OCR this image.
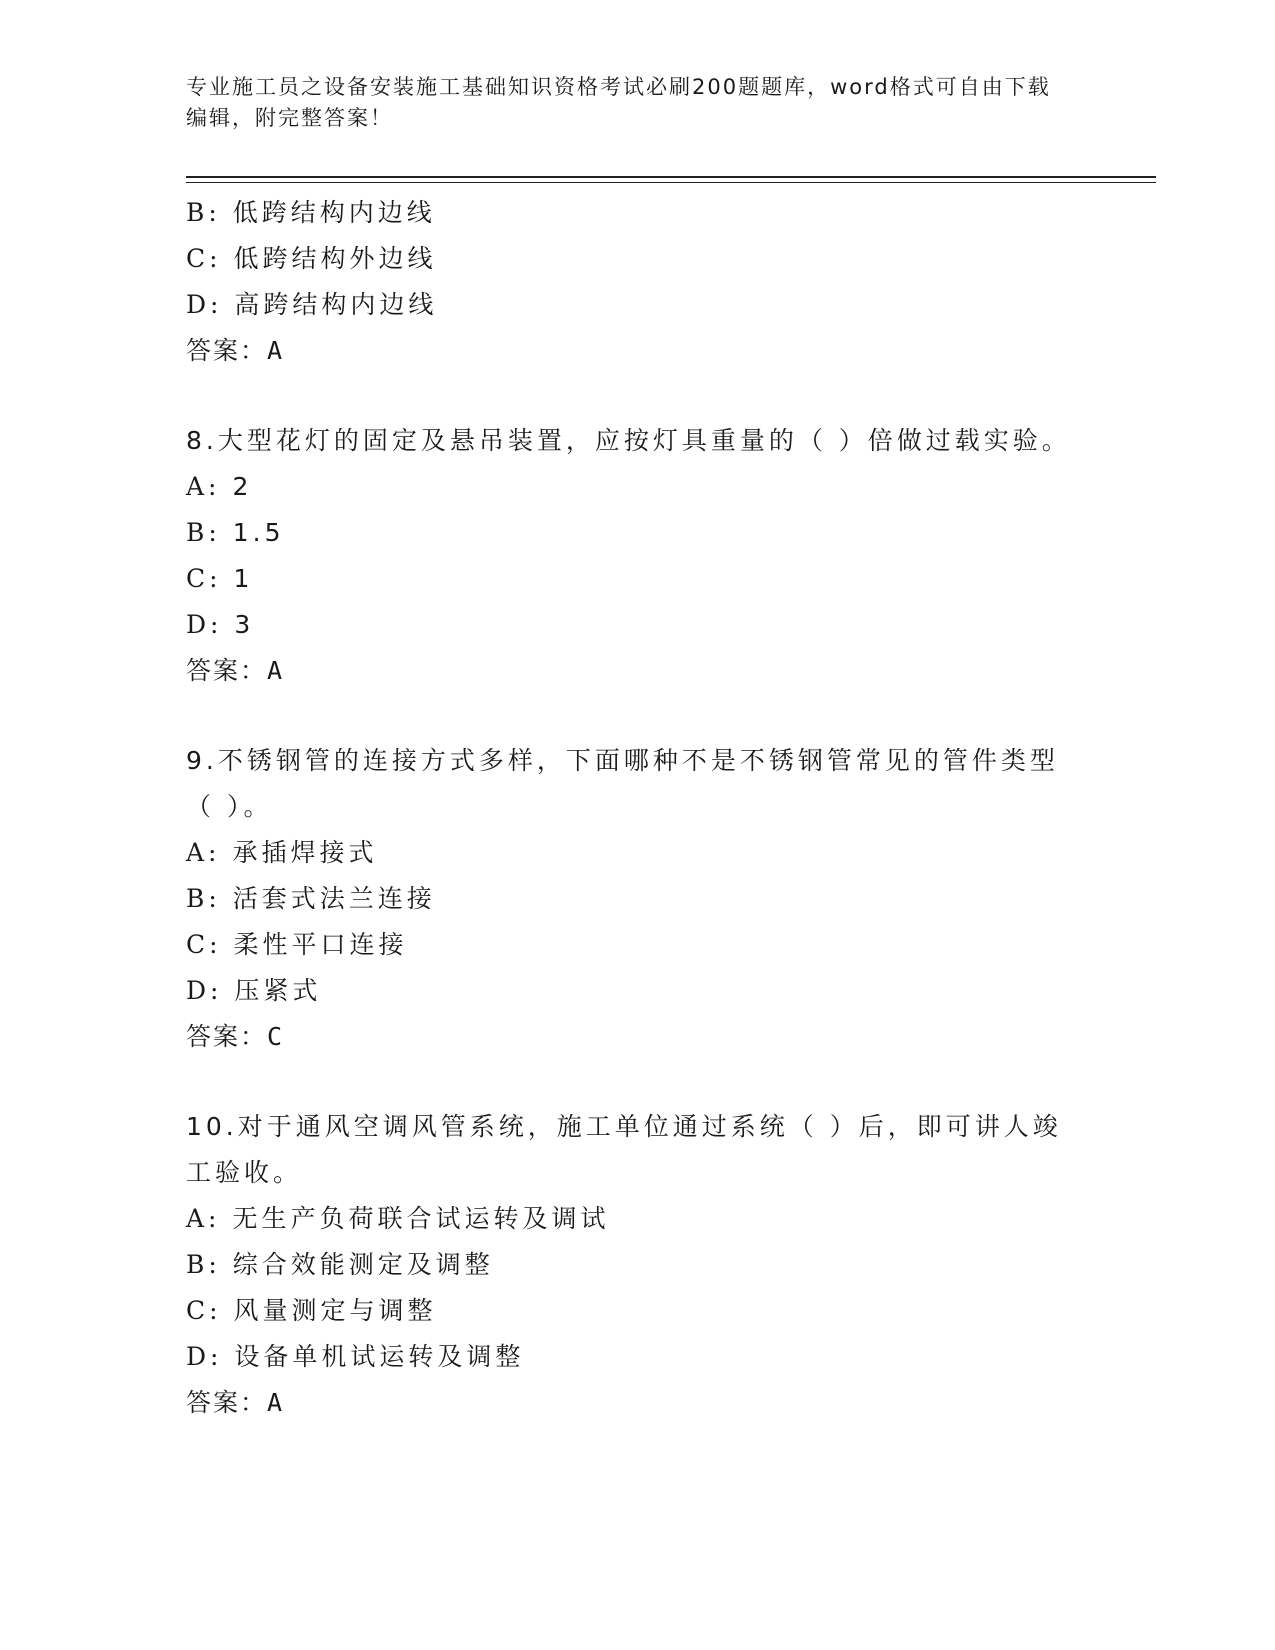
专业施工员之设备安装施工基础知识资格考试必刷200题题库，word格式可自由下载编辑，附完整答案！
B: 低跨结构内边线
C: 低跨结构外边线
D: 高跨结构内边线
答案：A
8.大型花灯的固定及悬吊装置，应按灯具重量的（ ）倍做过载实验。
A: 2
B: 1.5
C: 1
D: 3
答案：A
9.不锈钢管的连接方式多样，下面哪种不是不锈钢管常见的管件类型（ ）。
A: 承插焊接式
B: 活套式法兰连接
C: 柔性平口连接
D: 压紧式
答案：C
10.对于通风空调风管系统，施工单位通过系统（ ）后，即可讲人竣工验收。
A: 无生产负荷联合试运转及调试
B: 综合效能测定及调整
C: 风量测定与调整
D: 设备单机试运转及调整
答案：A
